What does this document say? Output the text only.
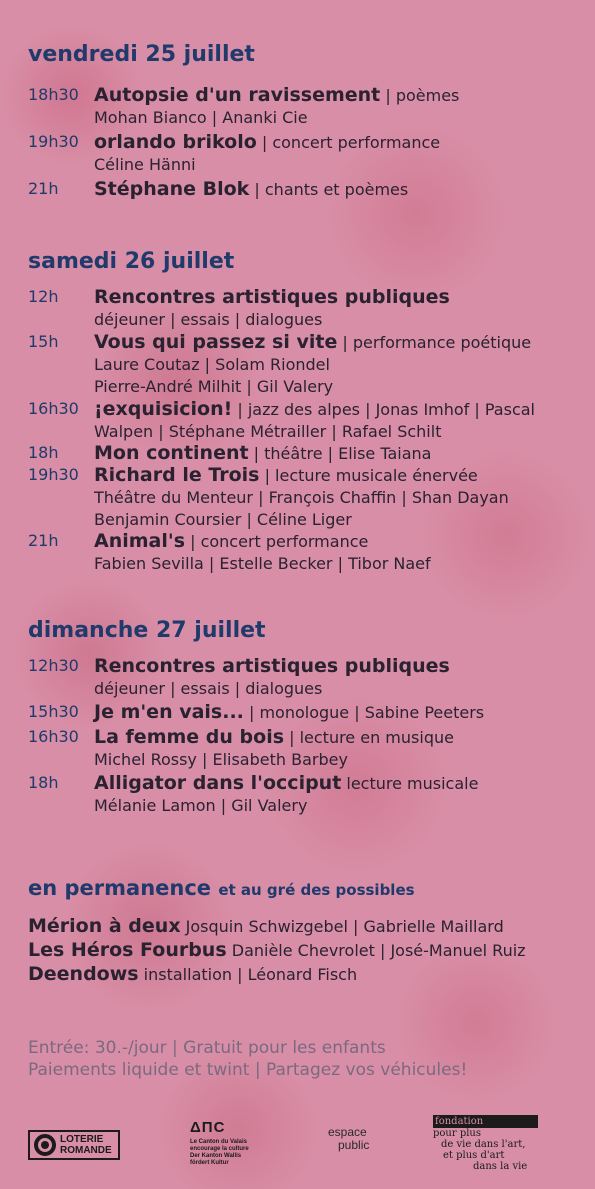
vendredi 25 juillet
samedi 26 juillet
dimanche 27 juillet
18h30 Autopsie d'un ravissement | poèmes
Mohan Bianco | Ananki Cie
19h30 orlando brikolo | concert performance
Céline Hänni
21h Stéphane Blok | chants et poèmes
12h Rencontres artistiques publiques
déjeuner | essais | dialogues
15h Vous qui passez si vite | performance poétique
Laure Coutaz | Solam Riondel
Pierre-André Milhit | Gil Valery
16h30 ¡exquisicion! | jazz des alpes | Jonas Imhof | Pascal
Walpen | Stéphane Métrailler | Rafael Schilt
18h Mon continent | théâtre | Elise Taiana
19h30 Richard le Trois | lecture musicale énervée
Théâtre du Menteur | François Chaffin | Shan Dayan
Benjamin Coursier | Céline Liger
21h Animal's | concert performance
Fabien Sevilla | Estelle Becker | Tibor Naef
12h30 Rencontres artistiques publiques
déjeuner | essais | dialogues
15h30 Je m'en vais... | monologue | Sabine Peeters
16h30 La femme du bois | lecture en musique
Michel Rossy | Elisabeth Barbey
18h Alligator dans l'occiput lecture musicale
Mélanie Lamon | Gil Valery
en permanence et au gré des possibles
Mérion à deux Josquin Schwizgebel | Gabrielle Maillard
Les Héros Fourbus Danièle Chevrolet | José-Manuel Ruiz
Deendows installation | Léonard Fisch
Entrée: 30.-/jour | Gratuit pour les enfants
Paiements liquide et twint | Partagez vos véhicules!
LOTERIE
ROMANDE
ΔΠC
Le Canton du Valais
encourage la culture
Der Kanton Wallis
fördert Kultur
espace
public
fondation
pour plus
de vie dans l'art,
et plus d'art
dans la vie
